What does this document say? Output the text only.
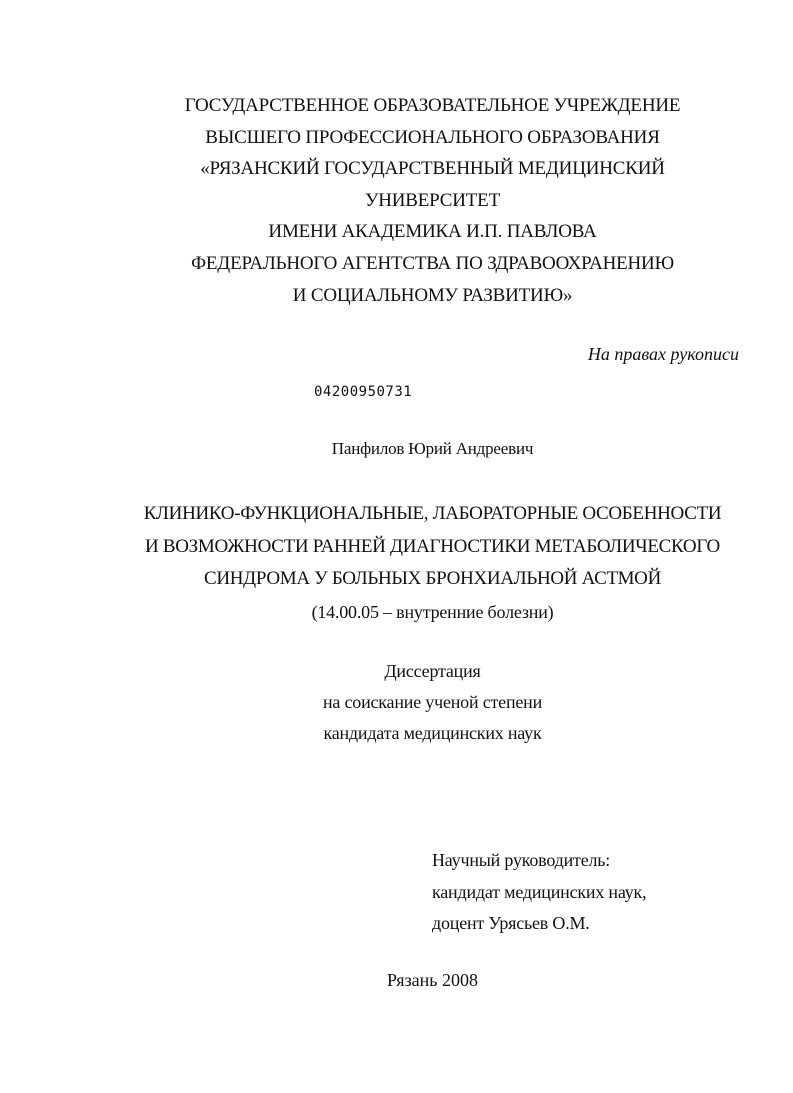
ГОСУДАРСТВЕННОЕ ОБРАЗОВАТЕЛЬНОЕ УЧРЕЖДЕНИЕ
ВЫСШЕГО ПРОФЕССИОНАЛЬНОГО ОБРАЗОВАНИЯ
«РЯЗАНСКИЙ ГОСУДАРСТВЕННЫЙ МЕДИЦИНСКИЙ
УНИВЕРСИТЕТ
ИМЕНИ АКАДЕМИКА И.П. ПАВЛОВА
ФЕДЕРАЛЬНОГО АГЕНТСТВА ПО ЗДРАВООХРАНЕНИЮ
И СОЦИАЛЬНОМУ РАЗВИТИЮ»
На правах рукописи
04200950731
Панфилов Юрий Андреевич
КЛИНИКО-ФУНКЦИОНАЛЬНЫЕ, ЛАБОРАТОРНЫЕ ОСОБЕННОСТИ
И ВОЗМОЖНОСТИ РАННЕЙ ДИАГНОСТИКИ МЕТАБОЛИЧЕСКОГО
СИНДРОМА У БОЛЬНЫХ БРОНХИАЛЬНОЙ АСТМОЙ
(14.00.05 – внутренние болезни)
Диссертация
на соискание ученой степени
кандидата медицинских наук
Научный руководитель:
кандидат медицинских наук,
доцент Урясьев О.М.
Рязань 2008
